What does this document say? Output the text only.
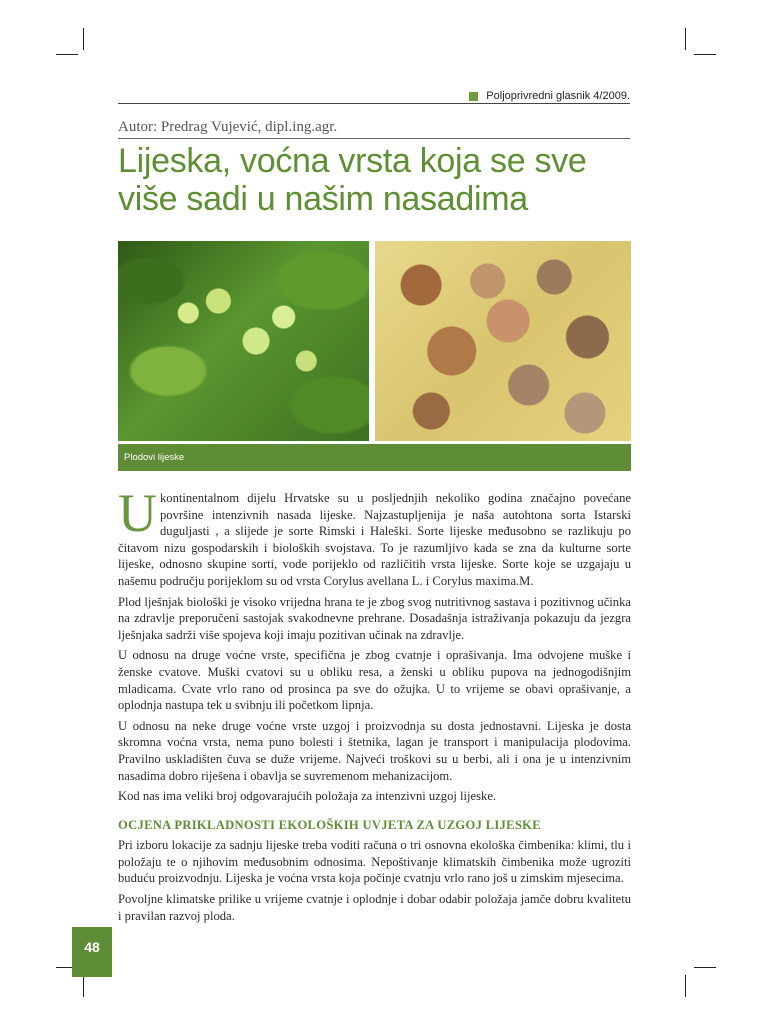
Poljoprivredni glasnik 4/2009.
Autor: Predrag Vujević, dipl.ing.agr.
Lijeska, voćna vrsta koja se sve više sadi u našim nasadima
Plodovi lijeske

U kontinentalnom dijelu Hrvatske su u posljednjih nekoliko godina značajno povećane površine intenzivnih nasada lijeske. Najzastupljenija je naša autohtona sorta Istarski duguljasti , a slijede je sorte Rimski i Haleški. Sorte lijeske međusobno se razlikuju po čitavom nizu gospodarskih i bioloških svojstava. To je razumljivo kada se zna da kulturne sorte lijeske, odnosno skupine sorti, vode porijeklo od različitih vrsta lijeske. Sorte koje se uzgajaju u našemu području porijeklom su od vrsta Corylus avellana L. i Corylus maxima.M.

Plod lješnjak biološki je visoko vrijedna hrana te je zbog svog nutritivnog sastava i pozitivnog učinka na zdravlje preporučeni sastojak svakodnevne prehrane. Dosadašnja istraživanja pokazuju da jezgra lješnjaka sadrži više spojeva koji imaju pozitivan učinak na zdravlje.

U odnosu na druge voćne vrste, specifična je zbog cvatnje i oprašivanja. Ima odvojene muške i ženske cvatove. Muški cvatovi su u obliku resa, a ženski u obliku pupova na jednogodišnjim mladicama. Cvate vrlo rano od prosinca pa sve do ožujka. U to vrijeme se obavi oprašivanje, a oplodnja nastupa tek u svibnju ili početkom lipnja.

U odnosu na neke druge voćne vrste uzgoj i proizvodnja su dosta jednostavni. Lijeska je dosta skromna voćna vrsta, nema puno bolesti i štetnika, lagan je transport i manipulacija plodovima. Pravilno uskladišten čuva se duže vrijeme. Najveći troškovi su u berbi, ali i ona je u intenzivnim nasadima dobro riješena i obavlja se suvremenom mehanizacijom.

Kod nas ima veliki broj odgovarajućih položaja za intenzivni uzgoj lijeske.

OCJENA PRIKLADNOSTI EKOLOŠKIH UVJETA ZA UZGOJ LIJESKE

Pri izboru lokacije za sadnju lijeske treba voditi računa o tri osnovna ekološka čimbenika: klimi, tlu i položaju te o njihovim međusobnim odnosima. Nepoštivanje klimatskih čimbenika može ugroziti buduću proizvodnju. Lijeska je voćna vrsta koja počinje cvatnju vrlo rano još u zimskim mjesecima.

Povoljne klimatske prilike u vrijeme cvatnje i oplodnje i dobar odabir položaja jamče dobru kvalitetu i pravilan razvoj ploda.

48
